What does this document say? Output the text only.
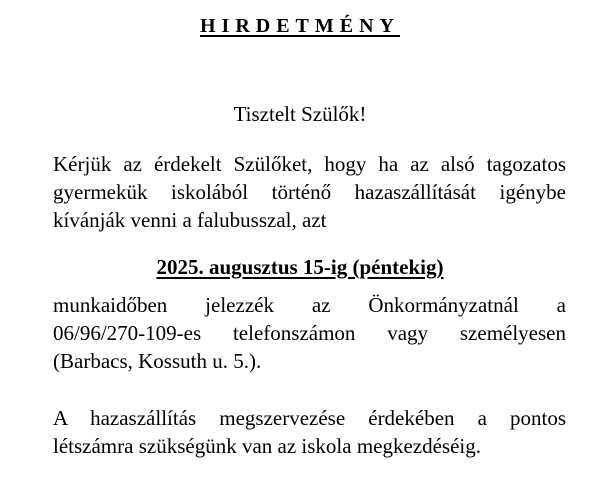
HIRDETMÉNY
Tisztelt Szülők!
Kérjük az érdekelt Szülőket, hogy ha az alsó tagozatos
gyermekük iskolából történő hazaszállítását igénybe
kívánják venni a falubusszal, azt
2025. augusztus 15-ig (péntekig)
munkaidőben jelezzék az Önkormányzatnál a
06/96/270-109-es telefonszámon vagy személyesen
(Barbacs, Kossuth u. 5.).
A hazaszállítás megszervezése érdekében a pontos
létszámra szükségünk van az iskola megkezdéséig.
